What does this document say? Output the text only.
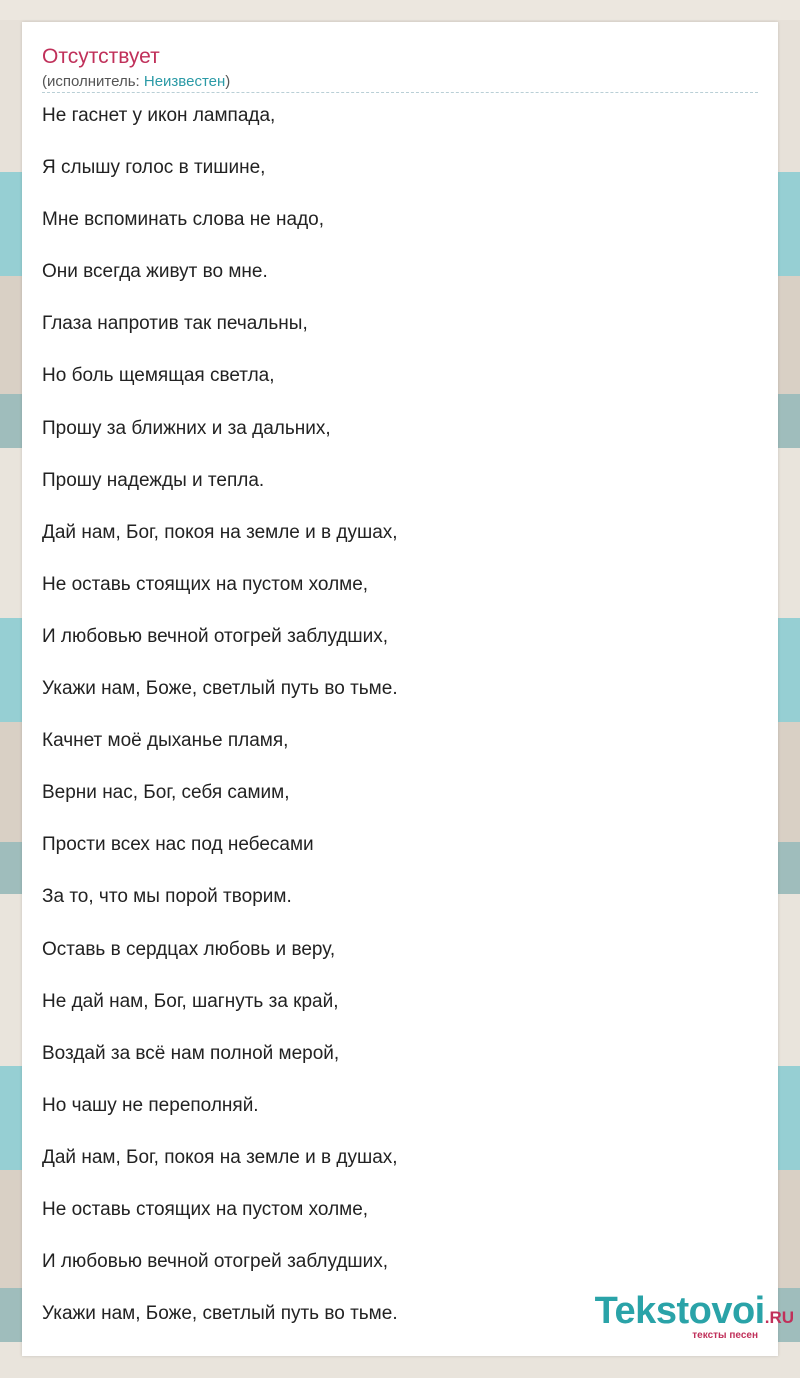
Отсутствует
(исполнитель: Неизвестен)
Не гаснет у икон лампада,
Я слышу голос в тишине,
Мне вспоминать слова не надо,
Они всегда живут во мне.
Глаза напротив так печальны,
Но боль щемящая светла,
Прошу за ближних и за дальних,
Прошу надежды и тепла.
Дай нам, Бог, покоя на земле и в душах,
Не оставь стоящих на пустом холме,
И любовью вечной отогрей заблудших,
Укажи нам, Боже, светлый путь во тьме.
Качнет моё дыханье пламя,
Верни нас, Бог, себя самим,
Прости всех нас под небесами
За то, что мы порой творим.
Оставь в сердцах любовь и веру,
Не дай нам, Бог, шагнуть за край,
Воздай за всё нам полной мерой,
Но чашу не переполняй.
Дай нам, Бог, покоя на земле и в душах,
Не оставь стоящих на пустом холме,
И любовью вечной отогрей заблудших,
Укажи нам, Боже, светлый путь во тьме.	Tekstovoi.RU
тексты песен
